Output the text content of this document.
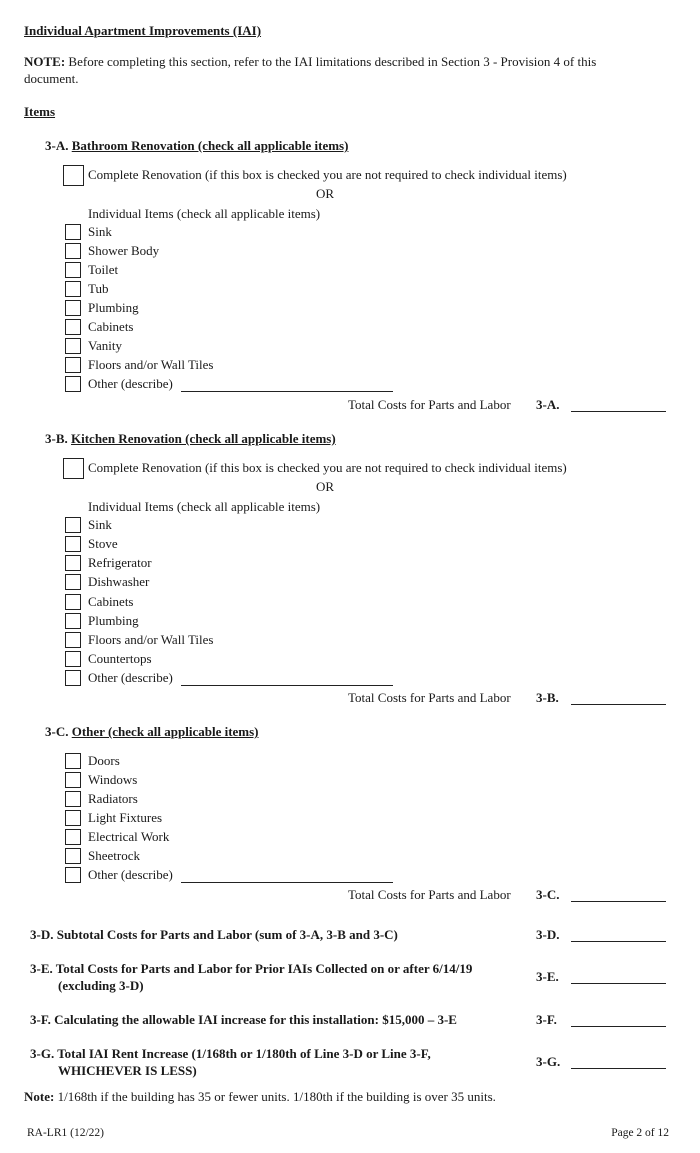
Individual Apartment Improvements (IAI)
NOTE: Before completing this section, refer to the IAI limitations described in Section 3 - Provision 4 of this
document.
Items
3-A. Bathroom Renovation (check all applicable items)
Complete Renovation (if this box is checked you are not required to check individual items)
OR
Individual Items (check all applicable items)
Sink
Shower Body
Toilet
Tub
Plumbing
Cabinets
Vanity
Floors and/or Wall Tiles
Other (describe)
Total Costs for Parts and Labor 3-A.
3-B. Kitchen Renovation (check all applicable items)
Complete Renovation (if this box is checked you are not required to check individual items)
OR
Individual Items (check all applicable items)
Sink
Stove
Refrigerator
Dishwasher
Cabinets
Plumbing
Floors and/or Wall Tiles
Countertops
Other (describe)
Total Costs for Parts and Labor 3-B.
3-C. Other (check all applicable items)
Doors
Windows
Radiators
Light Fixtures
Electrical Work
Sheetrock
Other (describe)
Total Costs for Parts and Labor 3-C.
3-D. Subtotal Costs for Parts and Labor (sum of 3-A, 3-B and 3-C)	3-D.
3-E. Total Costs for Parts and Labor for Prior IAIs Collected on or after 6/14/19
(excluding 3-D)
3-E.
3-F. Calculating the allowable IAI increase for this installation: $15,000 – 3-E	3-F.
3-G. Total IAI Rent Increase (1/168th or 1/180th of Line 3-D or Line 3-F,
WHICHEVER IS LESS)
3-G.
Note: 1/168th if the building has 35 or fewer units. 1/180th if the building is over 35 units.
RA-LR1 (12/22)	Page 2 of 12
